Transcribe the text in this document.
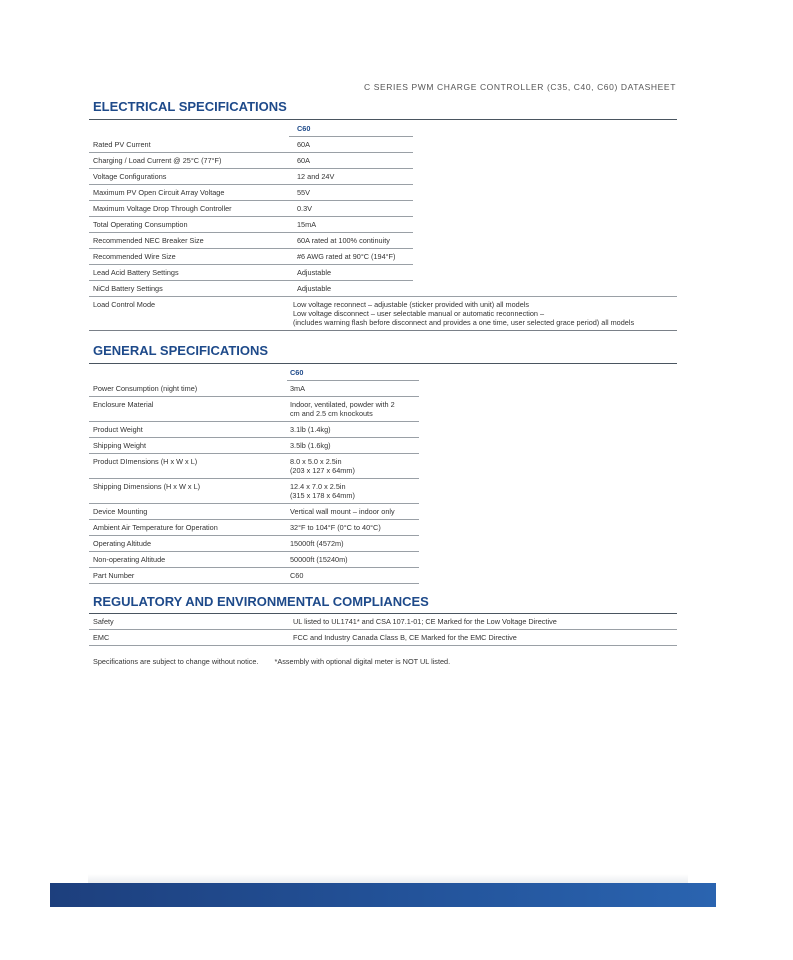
C SERIES PWM CHARGE CONTROLLER (C35, C40, C60) DATASHEET
ELECTRICAL SPECIFICATIONS
	C60	
Rated PV Current	60A	
Charging / Load Current @ 25°C (77°F)	60A	
Voltage Configurations	12 and 24V	
Maximum PV Open Circuit Array Voltage	55V	
Maximum Voltage Drop Through Controller	0.3V	
Total Operating Consumption	15mA	
Recommended NEC Breaker Size	60A rated at 100% continuity	
Recommended Wire Size	#6 AWG rated at 90°C (194°F)	
Lead Acid Battery Settings	Adjustable	
NiCd Battery Settings	Adjustable	
Load Control Mode	Low voltage reconnect – adjustable (sticker provided with unit) all models
Low voltage disconnect – user selectable manual or automatic reconnection –
(includes warning flash before disconnect and provides a one time, user selected grace period) all models	
GENERAL SPECIFICATIONS
	C60
Power Consumption (night time)	3mA

Enclosure Material	Indoor, ventilated, powder with 2
cm and 2.5 cm knockouts

Product Weight	3.1lb (1.4kg)

Shipping Weight	3.5lb (1.6kg)

Product DImensions (H x W x L)	8.0 x 5.0 x 2.5in
(203 x 127 x 64mm)

Shipping Dimensions (H x W x L)	12.4 x 7.0 x 2.5in
(315 x 178 x 64mm)

Device Mounting	Vertical wall mount – indoor only

Ambient Air Temperature for Operation	32°F to 104°F (0°C to 40°C)

Operating Altitude	15000ft (4572m)

Non-operating Altitude	50000ft (15240m)

Part Number	C60
REGULATORY AND ENVIRONMENTAL COMPLIANCES
Safety	UL listed to UL1741* and CSA 107.1-01; CE Marked for the Low Voltage Directive
EMC	FCC and Industry Canada Class B, CE Marked for the EMC Directive
Specifications are subject to change without notice. *Assembly with optional digital meter is NOT UL listed.
